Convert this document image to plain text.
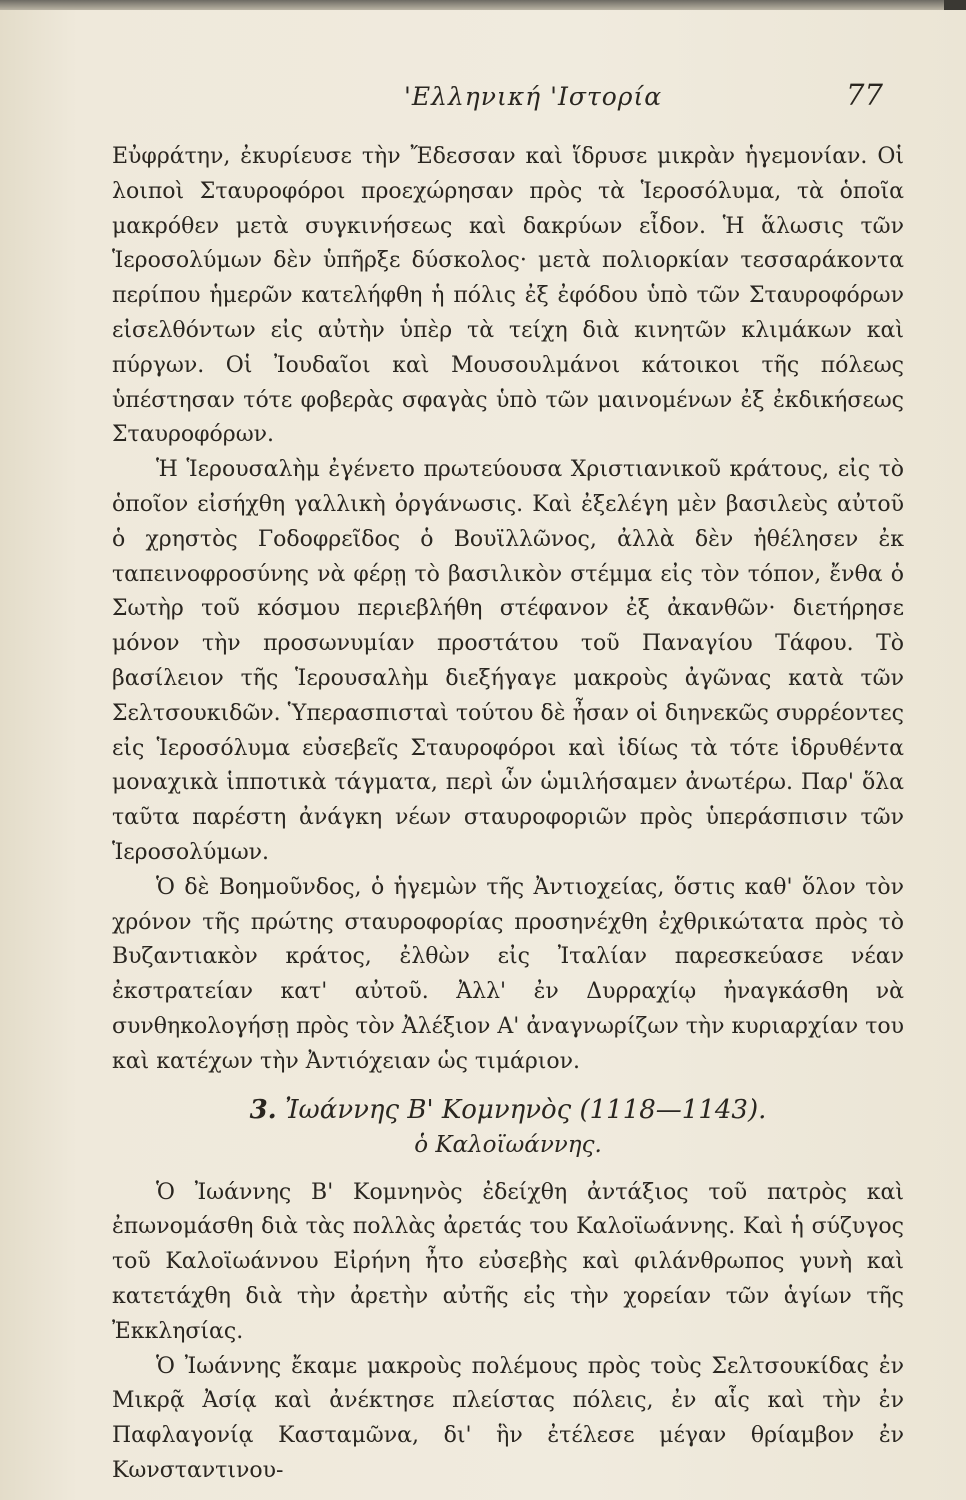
'Ελληνική 'Ιστορία	77

Εὐφράτην, ἐκυρίευσε τὴν Ἔδεσσαν καὶ ἵδρυσε μικρὰν ἡγεμονίαν. Οἱ λοιποὶ Σταυροφόροι προεχώρησαν πρὸς τὰ Ἱεροσόλυμα, τὰ ὁποῖα μακρόθεν μετὰ συγκινήσεως καὶ δακρύων εἶδον. Ἡ ἅλωσις τῶν Ἱεροσολύμων δὲν ὑπῆρξε δύσκολος· μετὰ πολιορκίαν τεσσαράκοντα περίπου ἡμερῶν κατελήφθη ἡ πόλις ἐξ ἐφόδου ὑπὸ τῶν Σταυροφόρων εἰσελθόντων εἰς αὐτὴν ὑπὲρ τὰ τείχη διὰ κινητῶν κλιμάκων καὶ πύργων. Οἱ Ἰουδαῖοι καὶ Μουσουλμάνοι κάτοικοι τῆς πόλεως ὑπέστησαν τότε φοβερὰς σφαγὰς ὑπὸ τῶν μαινομένων ἐξ ἐκδικήσεως Σταυροφόρων.

Ἡ Ἱερουσαλὴμ ἐγένετο πρωτεύουσα Χριστιανικοῦ κράτους, εἰς τὸ ὁποῖον εἰσήχθη γαλλικὴ ὀργάνωσις. Καὶ ἐξελέγη μὲν βασιλεὺς αὐτοῦ ὁ χρηστὸς Γοδοφρεῖδος ὁ Βουϊλλῶνος, ἀλλὰ δὲν ἠθέλησεν ἐκ ταπεινοφροσύνης νὰ φέρῃ τὸ βασιλικὸν στέμμα εἰς τὸν τόπον, ἔνθα ὁ Σωτὴρ τοῦ κόσμου περιεβλήθη στέφανον ἐξ ἀκανθῶν· διετήρησε μόνον τὴν προσωνυμίαν προστάτου τοῦ Παναγίου Τάφου. Τὸ βασίλειον τῆς Ἱερουσαλὴμ διεξήγαγε μακροὺς ἀγῶνας κατὰ τῶν Σελτσουκιδῶν. Ὑπερασπισταὶ τούτου δὲ ἦσαν οἱ διηνεκῶς συρρέοντες εἰς Ἱεροσόλυμα εὐσεβεῖς Σταυροφόροι καὶ ἰδίως τὰ τότε ἱδρυθέντα μοναχικὰ ἱπποτικὰ τάγματα, περὶ ὧν ὡμιλήσαμεν ἀνωτέρω. Παρ' ὅλα ταῦτα παρέστη ἀνάγκη νέων σταυροφοριῶν πρὸς ὑπεράσπισιν τῶν Ἱεροσολύμων.

Ὁ δὲ Βοημοῦνδος, ὁ ἡγεμὼν τῆς Ἀντιοχείας, ὅστις καθ' ὅλον τὸν χρόνον τῆς πρώτης σταυροφορίας προσηνέχθη ἐχθρικώτατα πρὸς τὸ Βυζαντιακὸν κράτος, ἐλθὼν εἰς Ἰταλίαν παρεσκεύασε νέαν ἐκστρατείαν κατ' αὐτοῦ. Ἀλλ' ἐν Δυρραχίῳ ἠναγκάσθη νὰ συνθηκολογήσῃ πρὸς τὸν Ἀλέξιον Α' ἀναγνωρίζων τὴν κυριαρχίαν του καὶ κατέχων τὴν Ἀντιόχειαν ὡς τιμάριον.

3. Ἰωάννης Β' Κομνηνὸς (1118—1143).
ὁ Καλοϊωάννης.

Ὁ Ἰωάννης Β' Κομνηνὸς ἐδείχθη ἀντάξιος τοῦ πατρὸς καὶ ἐπωνομάσθη διὰ τὰς πολλὰς ἀρετάς του Καλοϊωάννης. Καὶ ἡ σύζυγος τοῦ Καλοϊωάννου Εἰρήνη ἦτο εὐσεβὴς καὶ φιλάνθρωπος γυνὴ καὶ κατετάχθη διὰ τὴν ἀρετὴν αὐτῆς εἰς τὴν χορείαν τῶν ἁγίων τῆς Ἐκκλησίας.

Ὁ Ἰωάννης ἔκαμε μακροὺς πολέμους πρὸς τοὺς Σελτσουκίδας ἐν Μικρᾷ Ἀσίᾳ καὶ ἀνέκτησε πλείστας πόλεις, ἐν αἷς καὶ τὴν ἐν Παφλαγονίᾳ Κασταμῶνα, δι' ἣν ἐτέλεσε μέγαν θρίαμβον ἐν Κωνσταντινου-
